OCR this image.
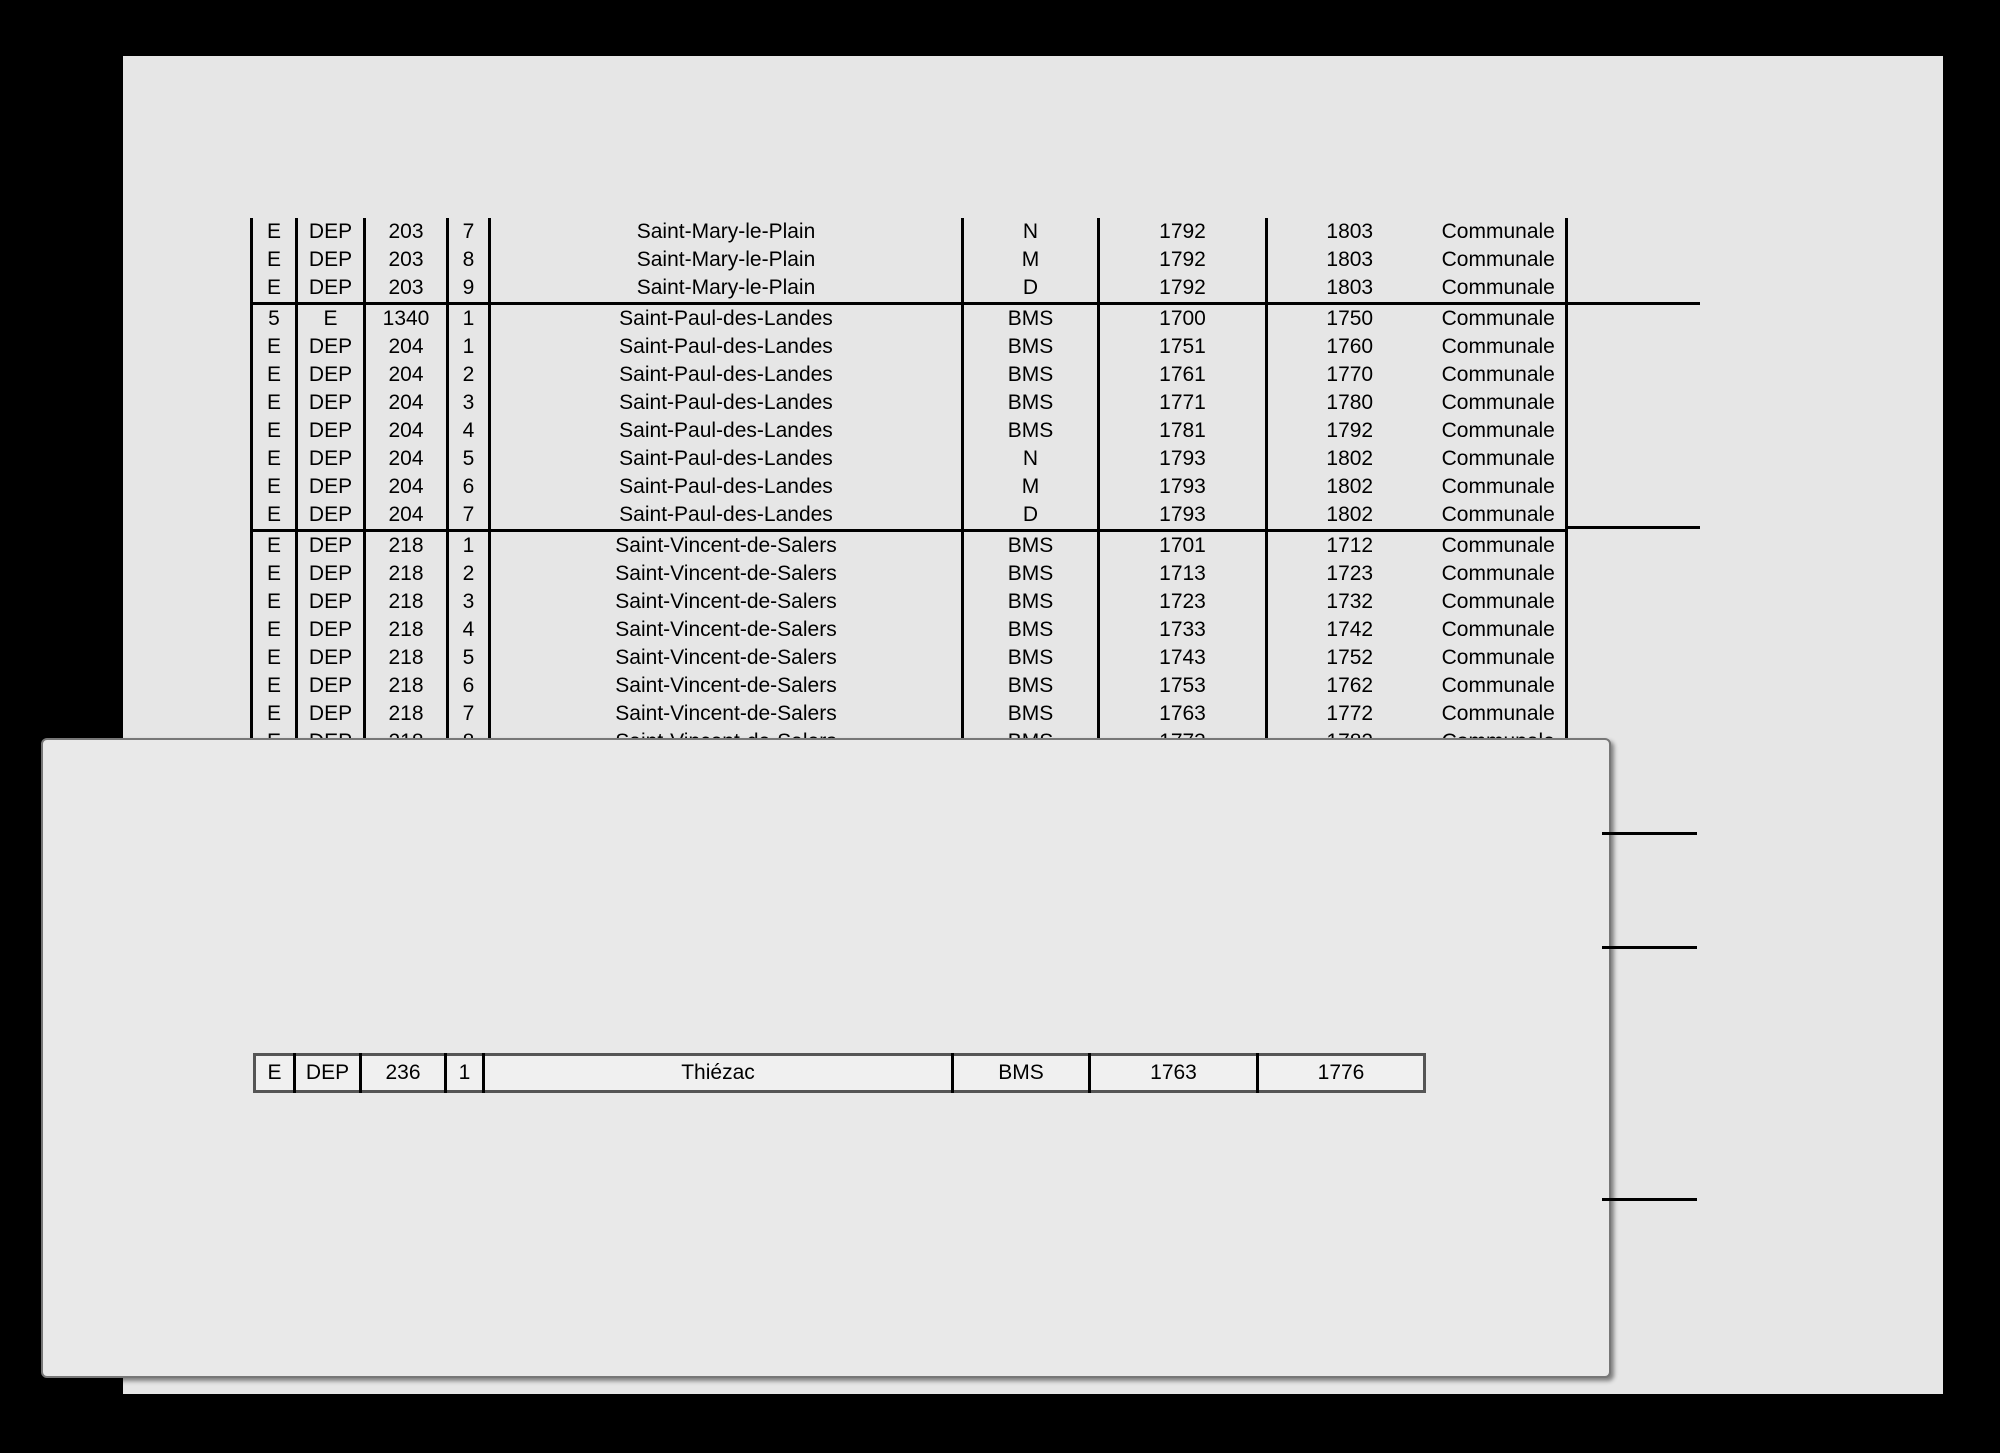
E	DEP	203	7	Saint-Mary-le-Plain	N	1792	1803	Communale
E	DEP	203	8	Saint-Mary-le-Plain	M	1792	1803	Communale
E	DEP	203	9	Saint-Mary-le-Plain	D	1792	1803	Communale
5	E	1340	1	Saint-Paul-des-Landes	BMS	1700	1750	Communale
E	DEP	204	1	Saint-Paul-des-Landes	BMS	1751	1760	Communale
E	DEP	204	2	Saint-Paul-des-Landes	BMS	1761	1770	Communale
E	DEP	204	3	Saint-Paul-des-Landes	BMS	1771	1780	Communale
E	DEP	204	4	Saint-Paul-des-Landes	BMS	1781	1792	Communale
E	DEP	204	5	Saint-Paul-des-Landes	N	1793	1802	Communale
E	DEP	204	6	Saint-Paul-des-Landes	M	1793	1802	Communale
E	DEP	204	7	Saint-Paul-des-Landes	D	1793	1802	Communale
E	DEP	218	1	Saint-Vincent-de-Salers	BMS	1701	1712	Communale
E	DEP	218	2	Saint-Vincent-de-Salers	BMS	1713	1723	Communale
E	DEP	218	3	Saint-Vincent-de-Salers	BMS	1723	1732	Communale
E	DEP	218	4	Saint-Vincent-de-Salers	BMS	1733	1742	Communale
E	DEP	218	5	Saint-Vincent-de-Salers	BMS	1743	1752	Communale
E	DEP	218	6	Saint-Vincent-de-Salers	BMS	1753	1762	Communale
E	DEP	218	7	Saint-Vincent-de-Salers	BMS	1763	1772	Communale

E	DEP	236	1	Thiézac	BMS	1763	1776
